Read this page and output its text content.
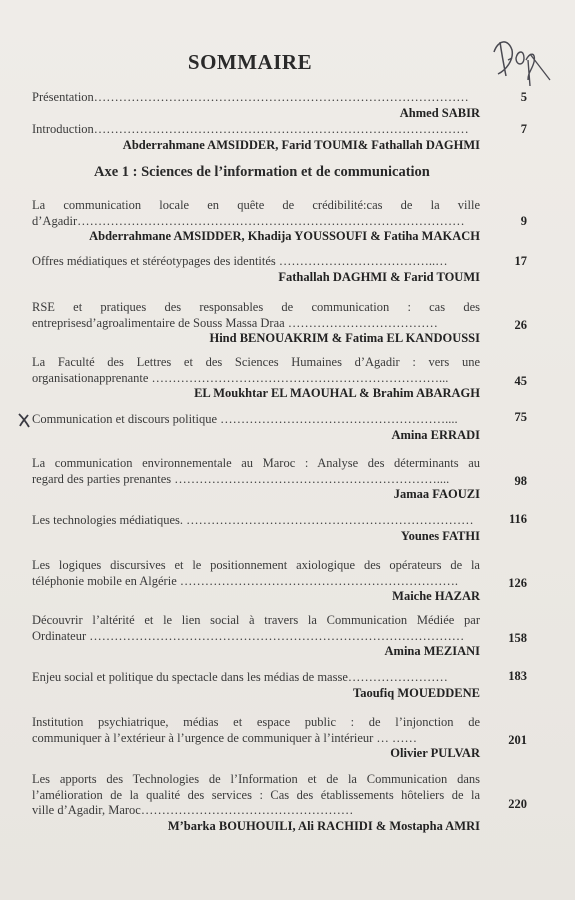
SOMMAIRE
Présentation………………………………………………………………………………
Ahmed SABIR
5
Introduction………………………………………………………………………………
Abderrahmane AMSIDDER, Farid TOUMI& Fathallah DAGHMI
7
Axe 1 : Sciences de l’information et de communication
La communication locale en quête de crédibilité:cas de la ville
d’Agadir…………………………………………………………………………………
Abderrahmane AMSIDDER, Khadija YOUSSOUFI & Fatiha MAKACH
9
Offres médiatiques et stéréotypages des identités ………………………………..…
Fathallah DAGHMI & Farid TOUMI
17
RSE et pratiques des responsables de communication : cas des
entreprisesd’agroalimentaire de Souss Massa Draa ………………………………
Hind BENOUAKRIM & Fatima EL KANDOUSSI
26
La Faculté des Lettres et des Sciences Humaines d’Agadir : vers une
organisationapprenante ……………………………………………………………...
EL Moukhtar EL MAOUHAL & Brahim ABARAGH
45
Communication et discours politique ………………………………………………....
Amina ERRADI
75
La communication environnementale au Maroc : Analyse des déterminants au
regard des parties prenantes ………………………………………………………....
Jamaa FAOUZI
98
Les technologies médiatiques. ……………………………………………………………
Younes FATHI
116
Les logiques discursives et le positionnement axiologique des opérateurs de la
téléphonie mobile en Algérie ………………………………………………………….
Maiche HAZAR
126
Découvrir l’altérité et le lien social à travers la Communication Médiée par
Ordinateur ………………………………………………………………………………
Amina MEZIANI
158
Enjeu social et politique du spectacle dans les médias de masse……………………
Taoufiq MOUEDDENE
183
Institution psychiatrique, médias et espace public : de l’injonction de
communiquer à l’extérieur à l’urgence de communiquer à l’intérieur … ……
Olivier PULVAR
201
Les apports des Technologies de l’Information et de la Communication dans
l’amélioration de la qualité des services : Cas des établissements hôteliers de la
ville d’Agadir, Maroc……………………………………………
M’barka BOUHOUILI, Ali RACHIDI & Mostapha AMRI
220
